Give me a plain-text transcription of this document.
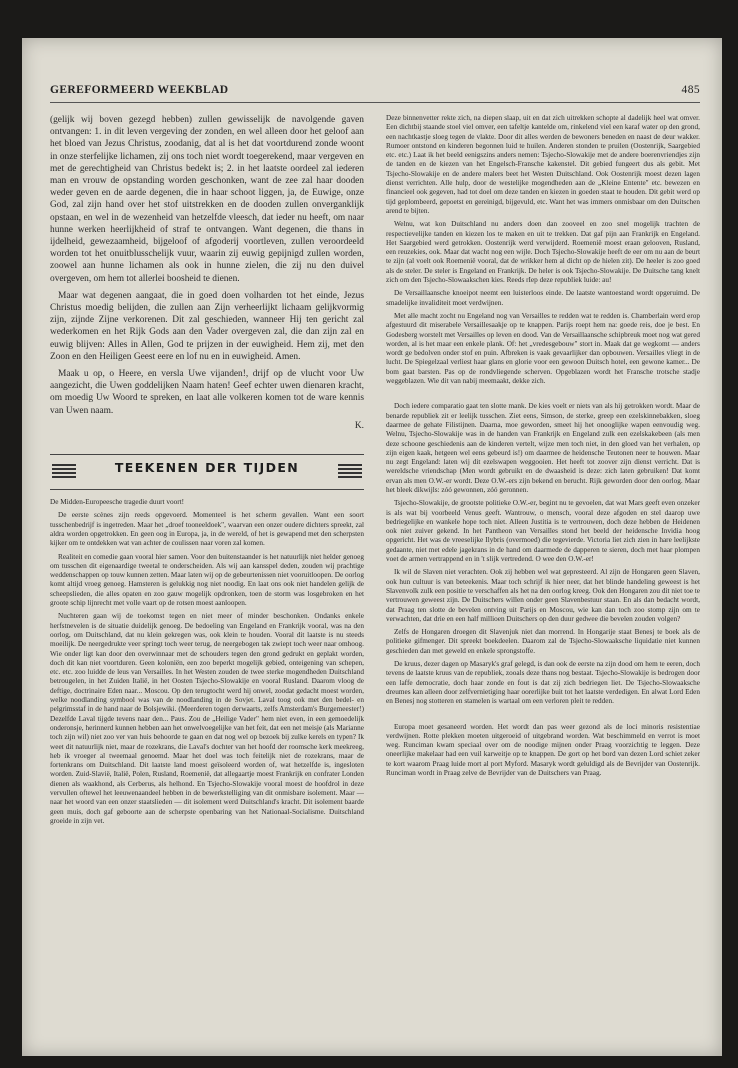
GEREFORMEERD WEEKBLAD	485

(gelijk wij boven gezegd hebben) zullen gewisselijk de navolgende gaven ontvangen: 1. in dit leven vergeving der zonden, en wel alleen door het geloof aan het bloed van Jezus Christus, zoodanig, dat al is het dat voortdurend zonde woont in onze sterfelijke lichamen, zij ons toch niet wordt toegerekend, maar vergeven en met de gerechtigheid van Christus bedekt is; 2. in het laatste oordeel zal iederen man en vrouw de opstanding worden geschonken, want de zee zal haar dooden weder geven en de aarde degenen, die in haar schoot liggen, ja, de Euwige, onze God, zal zijn hand over het stof uitstrekken en de dooden zullen onverganklijk opstaan, en wel in de wezenheid van hetzelfde vleesch, dat ieder nu heeft, om naar hunne werken heerlijkheid of straf te ontvangen. Want degenen, die thans in ijdelheid, gewezaamheid, bijgeloof of afgoderij voortleven, zullen veroordeeld worden tot het onuitblusschelijk vuur, waarin zij euwig gepijnigd zullen worden, zoowel aan hunne lichamen als ook in hunne zielen, die zij nu den duivel overgeven, om hem tot allerlei boosheid te dienen.

Maar wat degenen aangaat, die in goed doen volharden tot het einde, Jezus Christus moedig belijden, die zullen aan Zijn verheerlijkt lichaam gelijkvormig zijn, zijnde Zijne verkorenen. Dit zal geschieden, wanneer Hij ten gericht zal wederkomen en het Rijk Gods aan den Vader overgeven zal, die dan zijn zal en euwig blijven: Alles in Allen, God te prijzen in der euwigheid. Hem zij, met den Zoon en den Heiligen Geest eere en lof nu en in euwigheid. Amen.

Maak u op, o Heere, en versla Uwe vijanden!, drijf op de vlucht voor Uw aangezicht, die Uwen goddelijken Naam haten! Geef echter uwen dienaren kracht, om moedig Uw Woord te spreken, en laat alle volkeren komen tot de ware kennis van Uwen naam.

K.
TEEKENEN DER TIJDEN

De Midden-Europeesche tragedie duurt voort!

De eerste scènes zijn reeds opgevoerd. Momenteel is het scherm gevallen. Want een soort tusschenbedrijf is ingetreden. Maar het „droef tooneeldoek", waarvan een onzer oudere dichters spreekt, zal aldra worden opgetrokken. En geen oog in Europa, ja, in de wereld, of het is gewapend met den scherpsten kijker om te ontdekken wat van achter de coulissen naar voren zal komen.

Realiteit en comedie gaan vooral hier samen. Voor den buitenstaander is het natuurlijk niet helder genoeg om tusschen dit eigenaardige tweetal te onderscheiden. Als wij aan kansspel deden, zouden wij prachtige weddenschappen op touw kunnen zetten. Maar laten wij op de gebeurtenissen niet vooruitloopen. De oorlog komt altijd vroeg genoeg. Hamsteren is gelukkig nog niet noodig. En laat ons ook niet handelen gelijk de scheepslieden, die alles opaten en zoo gauw mogelijk opdronken, toen de storm was losgebroken en het groote schip lijnrecht met volle vaart op de rotsen moest aanloopen.

Nuchteren gaan wij de toekomst tegen en niet meer of minder beschonken. Ondanks enkele herfstnevelen is de situatie duidelijk genoeg. De bedoeling van Engeland en Frankrijk vooral, was na den oorlog, om Duitschland, dat nu klein gekregen was, ook klein te houden. Vooral dit laatste is nu steeds moeilijk. De neergedrukte veer springt toch weer terug, de neergebogen tak zwiept toch weer naar omhoog. Wie onder ligt kan door den overwinnaar met de schouders tegen den grond gedrukt en geplakt worden, doch dit kan niet voortduren. Geen koloniën, een zoo beperkt mogelijk gebied, onteigening van schepen, etc. etc. zoo luidde de leus van Versailles. In het Westen zouden de twee sterke mogendheden Duitschland betrougelen, in het Zuiden Italië, in het Oosten Tsjecho-Slowakije en vooral Rusland. Daarom vloog de deftige, doctrinaire Eden naar... Moscou. Op den terugtocht werd hij onwel, zoodat gedacht moest worden, welke noodlanding symbool was van de noodlanding in de Sovjet. Laval toog ook met den bedel- en pelgrimsstaf in de hand naar de Bolsjewiki. (Meerderen togen derwaarts, zelfs Amsterdam's Burgemeester!) Dezelfde Laval tijgde tevens naar den... Paus. Zou de „Heilige Vader" hem niet even, in een gemoedelijk onderonsje, herinnerd kunnen hebben aan het onwelvoegelijke van het feit, dat een net meisje (als Marianne toch zijn wil) niet zoo ver van huis behoorde te gaan en dat nog wel op bezoek bij zulke kerels en typen? Ik weet dit natuurlijk niet, maar de rozekrans, die Laval's dochter van het hoofd der roomsche kerk meekreeg, heb ik vroeger al tweemaal genoemd. Maar het doel was toch feitelijk niet de rozekrans, maar de fortenkrans om Duitschland. Dit laatste land moest geïsoleerd worden of, wat hetzelfde is, ingesloten worden. Zuid-Slavië, Italië, Polen, Rusland, Roemenië, dat allegaartje moest Frankrijk en confrater Londen dienen als waakhond, als Cerberus, als helhond. En Tsjecho-Slowakije vooral moest de hoofdrol in deze vervullen oftewel het leeuwenaandeel hebben in de bewerkstelliging van dit onmisbare isolement. Maar — naar het woord van een onzer staatslieden — dit isolement werd Duitschland's kracht. Dit isolement baarde geen muis, doch gaf geboorte aan de scherpste openbaring van het Nationaal-Socialisme. Duitschland groeide in zijn vet.

Deze binnenvetter rekte zich, na diepen slaap, uit en dat zich uitrekken schopte al dadelijk heel wat omver. Een dichtbij staande stoel viel omver, een tafeltje kantelde om, rinkelend viel een karaf water op den grond, een nachtkastje sloeg tegen de vlakte. Door dit alles werden de bewoners beneden en naast de deur wakker. Rumoer ontstond en kinderen begonnen luid te huilen. Anderen stonden te pruilen (Oostenrijk, Saargebied etc. etc.) Laat ik het beeld eenigszins anders nemen: Tsjecho-Slowakije met de andere boerenvriendjes zijn de tanden en de kiezen van het Engelsch-Fransche kakenstel. Dit gebied fungeert dus als gebit. Met Tsjecho-Slowakije en de andere malers beet het Westen Duitschland. Ook Oostenrijk moest dezen lagen dienst verrichten. Alle hulp, door de westelijke mogendheden aan de „Kleine Entente" etc. bewezen en financieel ook gegeven, had tot doel om deze tanden en kiezen in goeden staat te houden. Dit gebit werd op tijd geplombeerd, gepoetst en gereinigd, bijgevuld, etc. Want het was immers onmisbaar om den Duitschen arend te bijten.

Welnu, wat kon Duitschland nu anders doen dan zooveel en zoo snel mogelijk trachten de respectievelijke tanden en kiezen los te maken en uit te trekken. Dat gaf pijn aan Frankrijk en Engeland. Het Saargebied werd getrokken. Oostenrijk werd verwijderd. Roemenië moest eraan gelooven, Rusland, een reuzekies, ook. Maar dat wacht nog een wijle. Doch Tsjecho-Slowakije heeft de eer om nu aan de beurt te zijn (al voelt ook Roemenië vooral, dat de wrikker hem al dicht op de hielen zit). De heeler is zoo goed als de steler. De steler is Engeland en Frankrijk. De heler is ook Tsjecho-Slowakije. De Duitsche tang knelt zich om den Tsjecho-Slowaakschen kies. Reeds rIep deze republiek luide: au!

De Versaillaansche knoeipot neemt een luisterloos einde. De laatste wantoestand wordt opgeruimd. De smadelijke invaliditeit moet verdwijnen.

Met alle macht zocht nu Engeland nog van Versailles te redden wat te redden is. Chamberlain werd erop afgestuurd dit miserabele Versaillesaakje op te knappen. Parijs roept hem na: goede reis, doe je best. En Godesberg worstelt met Versailles op leven en dood. Van de Versaillaansche schipbreuk moet nog wat gered worden, al is het maar een enkele plank. Of: het „vredesgebouw" stort in. Maak dat ge wegkomt — anders wordt ge bedolven onder stof en puin. Afbreken is vaak gevaarlijker dan opbouwen. Versailles vliegt in de lucht. De Spiegelzaal verliest haar glans en glorie voor een gewoon Duitsch hotel, een gewone kamer... De bom gaat barsten. Pas op de rondvliegende scherven. Opgeblazen wordt het Fransche trotsche stadje weggeblazen. Wie dit van nabij meemaakt, dekke zich.

Doch iedere comparatio gaat ten slotte mank. De kies voelt er niets van als hij getrokken wordt. Maar de benarde republiek zit er leelijk tusschen. Ziet eens, Simson, de sterke, greep een ezelskinnebakken, sloeg daarmee de gehate Filistijnen. Daarna, moe geworden, smeet hij het onooglijke wapen eenvoudig weg. Welnu, Tsjecho-Slowakije was in de handen van Frankrijk en Engeland zulk een ezelskakebeen (als men deze schoone geschiedenis aan de kinderen vertelt, wijze men toch niet, in den gloed van het verhalen, op zijn eigen kaak, hetgeen wel eens gebeurd is!) om daarmee de heidensche Teutonen neer te houwen. Maar nu zegt Engeland: laten wij dit ezelswapen weggooien. Het heeft tot zoover zijn dienst verricht. Dat is wereldsche vriendschap (Men wordt gebruikt en de dwaasheid is deze: zich laten gebruiken! Dat komt ervan als men O.W.-er wordt. Deze O.W.-ers zijn bekend en berucht. Rijk geworden door den oorlog. Maar het bleek dikwijls: zóó gewonnen, zóó geronnen.

Tsjecho-Slowakije, de grootste politieke O.W.-er, begint nu te gevoelen, dat wat Mars geeft even onzeker is als wat bij voorbeeld Venus geeft. Wantrouw, o mensch, vooral deze afgoden en stel daarop uwe bedriegelijke en wankele hope toch niet. Alleen Justitia is te vertrouwen, doch deze hebben de Heidenen ook niet zuiver gekend. In het Pantheon van Versailles stond het beeld der heidensche Invidia hoog opgericht. Het was de vreeselijke Ilybris (overmoed) die tegevierde. Victoria liet zich zien in hare leelijkste gedaante, niet met edele jagekrans in de hand om daarmede de dapperen te sieren, doch met haar plompen voet de armen vertrappend en in 't slijk vertredend. O wee den O.W.-er!

Ik wil de Slaven niet verachten. Ook zij hebben wel wat gepresteerd. Al zijn de Hongaren geen Slaven, ook hun cultuur is van beteekenis. Maar toch schrijf ik hier neer, dat het blinde handeling geweest is het Slavenvolk zulk een positie te verschaffen als het na den oorlog kreeg. Ook den Hongaren zou dit niet toe te vertrouwen geweest zijn. De Duitschers willen onder geen Slavenbestuur staan. En als dan bedacht wordt, dat Praag ten slotte de bevelen ontving uit Parijs en Moscou, wie kan dan toch zoo stomp zijn om te verwachten, dat drie en een half millioen Duitschers op den duur gedwee die bevelen zouden volgen?

Zelfs de Hongaren droegen dit Slavenjuk niet dan morrend. In Hongarije staat Benesj te boek als de politieke gifmenger. Dit spreekt boekdeelen. Daarom zal de Tsjecho-Slowaaksche liquidatie niet kunnen geschieden dan met geweld en enkele sprongstoffe.

De kruus, dezer dagen op Masaryk's graf gelegd, is dan ook de eerste na zijn dood om hem te eeren, doch tevens de laatste kruus van de republiek, zooals deze thans nog bestaat. Tsjecho-Slowakije is bedrogen door een laffe democratie, doch haar zonde en fout is dat zij zich bedriegen liet. De Tsjecho-Slowaaksche dreumes kan alleen door zelfvernietiging haar oorerlijke buit tot het laatste verdedigen. En alwat Lord Eden en Benesj nog stotteren en stamelen is wartaal om een verloren pleit te redden.

Europa moet gesaneerd worden. Het wordt dan pas weer gezond als de loci minoris resistentiae verdwijnen. Rotte plekken moeten uitgeroeid of uitgebrand worden. Wat beschimmeld en verrot is moet weg. Runciman kwam speciaal over om de noodige mijnen onder Praag voorzichtig te leggen. Deze oneerlijke makelaar had een vuil karweitje op te knappen. De gort op het bord van dezen Lord schiet zeker te kort waarom Praag luide mort al port Myford. Masaryk wordt geluldigd als de Bevrijder van Oostenrijk. Runciman wordt in Praag zelve de Bevrijder van de Duitschers van Praag.
